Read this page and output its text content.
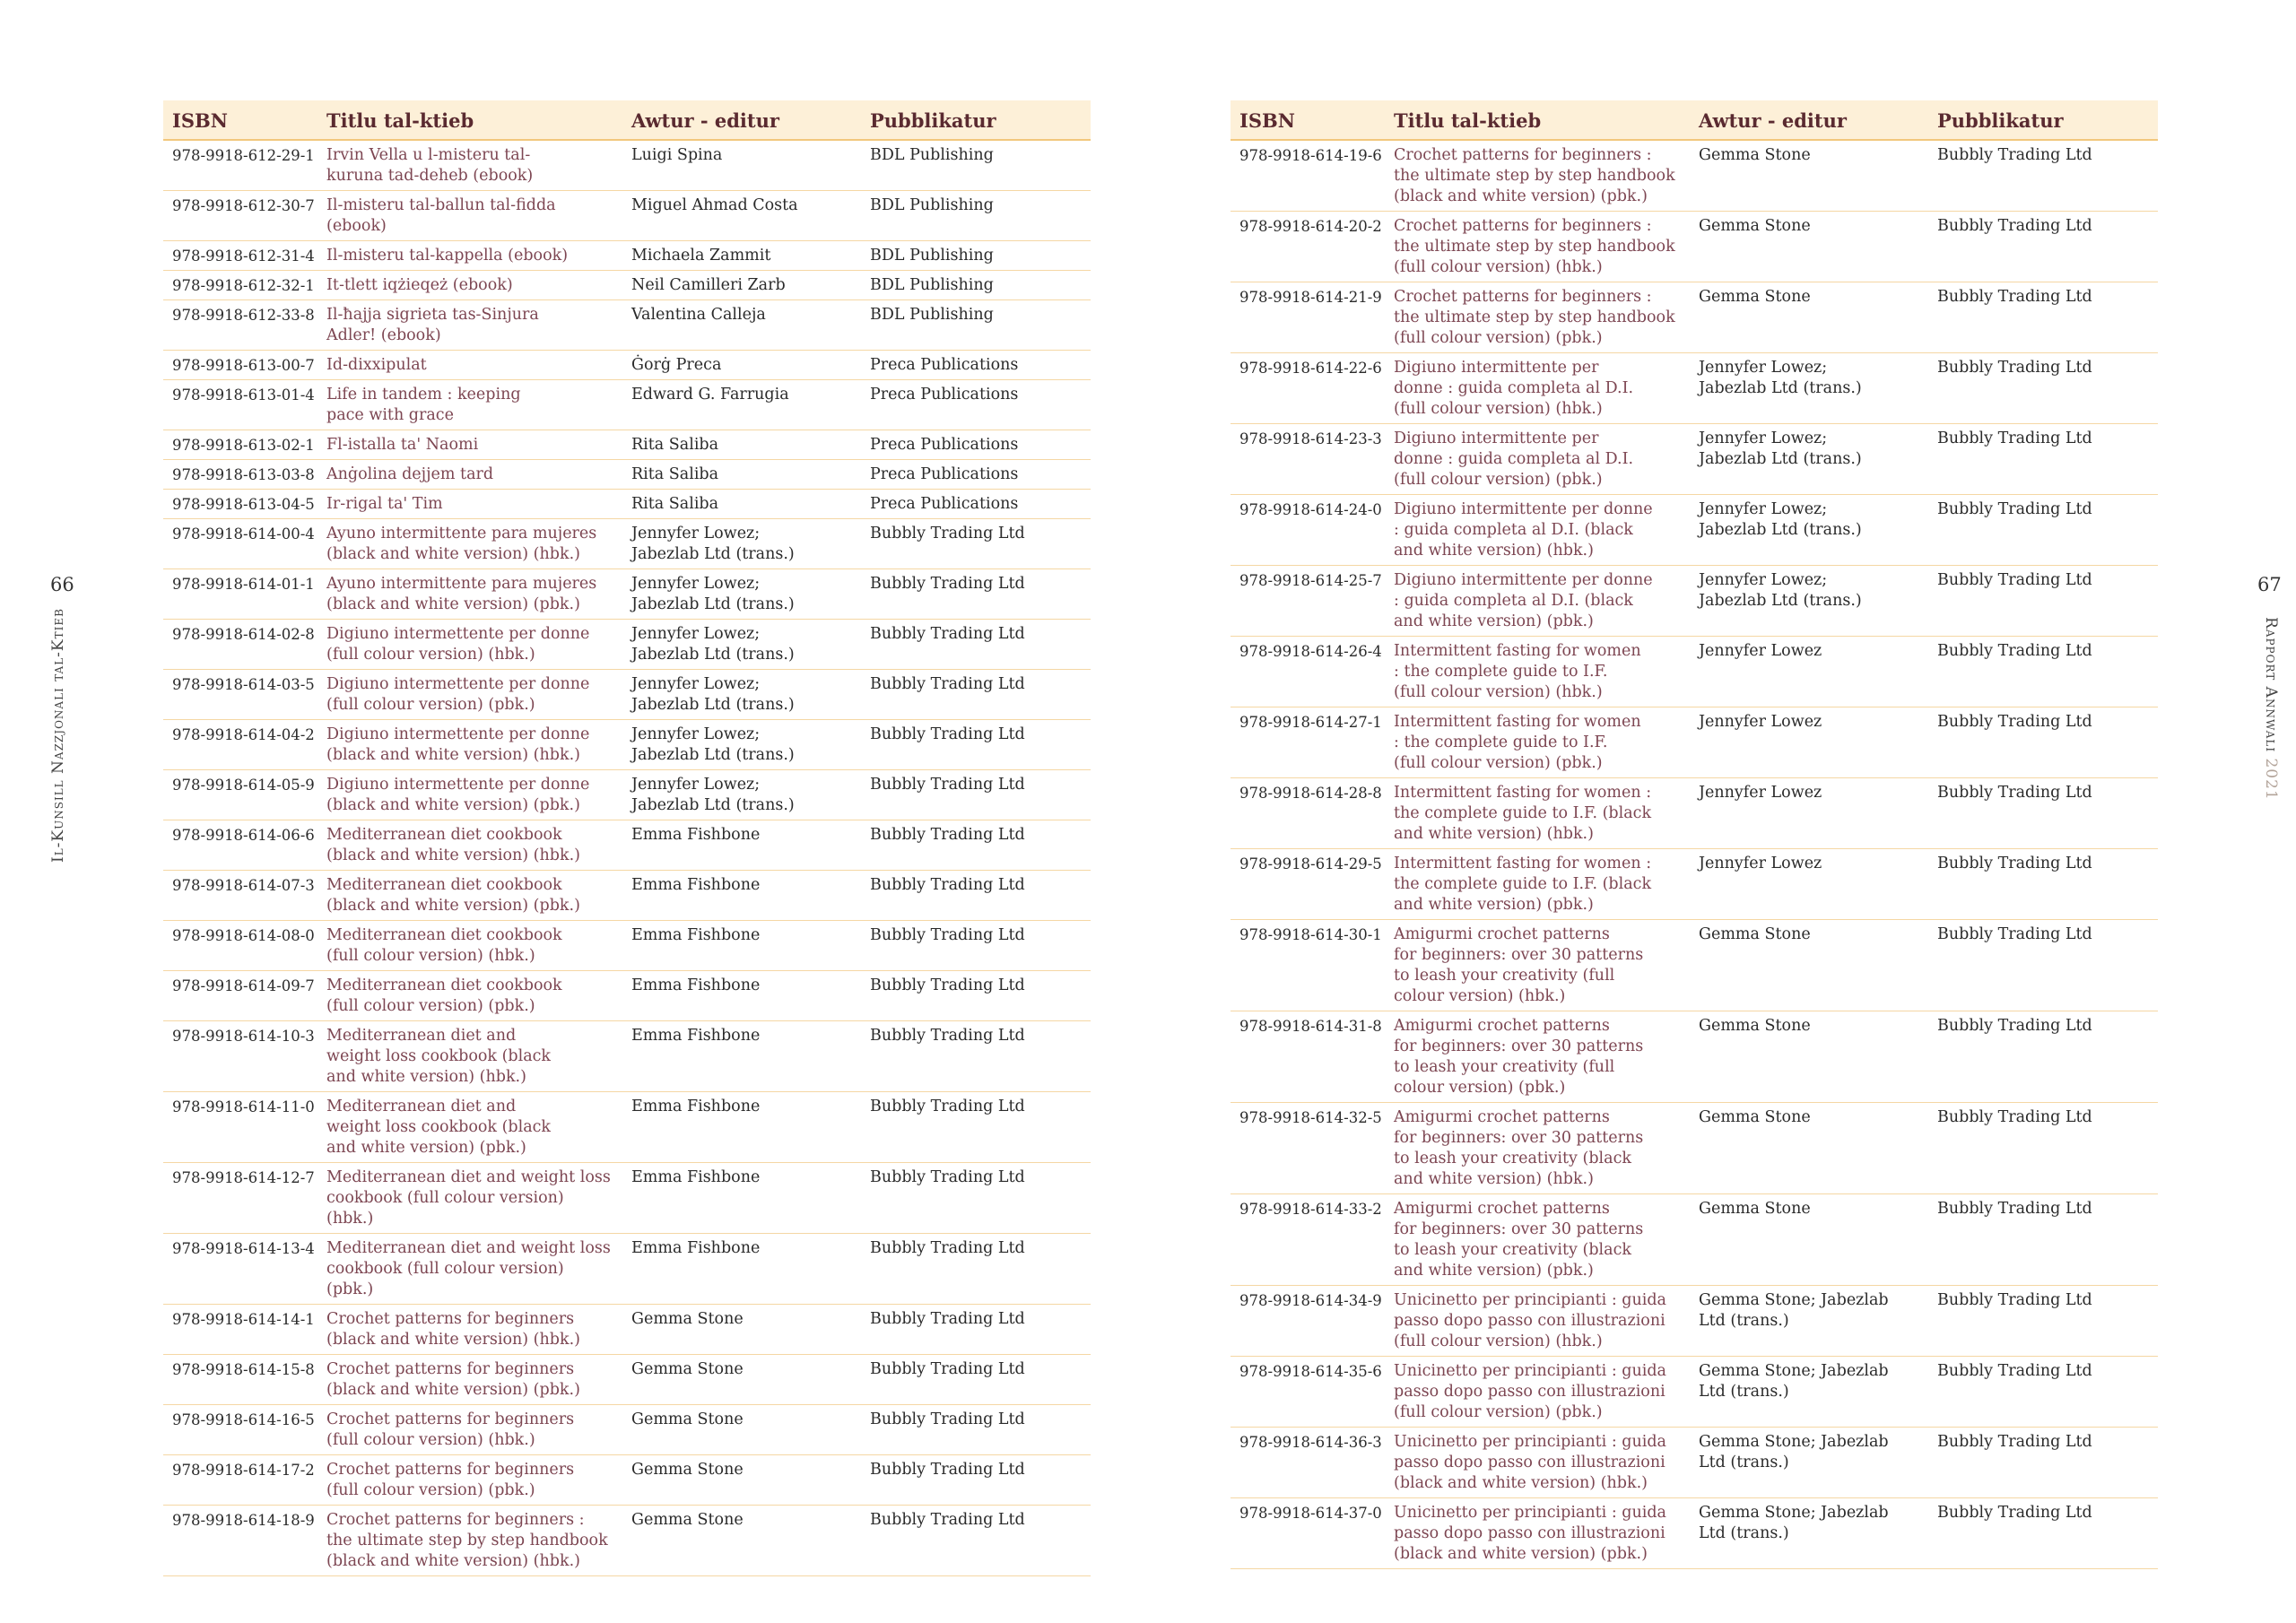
66
Il-Kunsill Nazzjonali tal-Ktieb
ISBN	Titlu tal-ktieb	Awtur - editur	Pubblikatur
978-9918-612-29-1	Irvin Vella u l-misteru tal-
kuruna tad-deheb (ebook)	Luigi Spina	BDL Publishing
978-9918-612-30-7	Il-misteru tal-ballun tal-fidda (ebook)	Miguel Ahmad Costa	BDL Publishing
978-9918-612-31-4	Il-misteru tal-kappella (ebook)	Michaela Zammit	BDL Publishing
978-9918-612-32-1	It-tlett iqżieqeż (ebook)	Neil Camilleri Zarb	BDL Publishing
978-9918-612-33-8	Il-ħajja sigrieta tas-Sinjura
Adler! (ebook)	Valentina Calleja	BDL Publishing
978-9918-613-00-7	Id-dixxipulat	Ġorġ Preca	Preca Publications
978-9918-613-01-4	Life in tandem : keeping
pace with grace	Edward G. Farrugia	Preca Publications
978-9918-613-02-1	Fl-istalla ta' Naomi	Rita Saliba	Preca Publications
978-9918-613-03-8	Anġolina dejjem tard	Rita Saliba	Preca Publications
978-9918-613-04-5	Ir-rigal ta' Tim	Rita Saliba	Preca Publications
978-9918-614-00-4	Ayuno intermittente para mujeres
(black and white version) (hbk.)	Jennyfer Lowez;
Jabezlab Ltd (trans.)	Bubbly Trading Ltd
978-9918-614-01-1	Ayuno intermittente para mujeres
(black and white version) (pbk.)	Jennyfer Lowez;
Jabezlab Ltd (trans.)	Bubbly Trading Ltd
978-9918-614-02-8	Digiuno intermettente per donne
(full colour version) (hbk.)	Jennyfer Lowez;
Jabezlab Ltd (trans.)	Bubbly Trading Ltd
978-9918-614-03-5	Digiuno intermettente per donne
(full colour version) (pbk.)	Jennyfer Lowez;
Jabezlab Ltd (trans.)	Bubbly Trading Ltd
978-9918-614-04-2	Digiuno intermettente per donne
(black and white version) (hbk.)	Jennyfer Lowez;
Jabezlab Ltd (trans.)	Bubbly Trading Ltd
978-9918-614-05-9	Digiuno intermettente per donne
(black and white version) (pbk.)	Jennyfer Lowez;
Jabezlab Ltd (trans.)	Bubbly Trading Ltd
978-9918-614-06-6	Mediterranean diet cookbook
(black and white version) (hbk.)	Emma Fishbone	Bubbly Trading Ltd
978-9918-614-07-3	Mediterranean diet cookbook
(black and white version) (pbk.)	Emma Fishbone	Bubbly Trading Ltd
978-9918-614-08-0	Mediterranean diet cookbook
(full colour version) (hbk.)	Emma Fishbone	Bubbly Trading Ltd
978-9918-614-09-7	Mediterranean diet cookbook
(full colour version) (pbk.)	Emma Fishbone	Bubbly Trading Ltd
978-9918-614-10-3	Mediterranean diet and
weight loss cookbook (black
and white version) (hbk.)	Emma Fishbone	Bubbly Trading Ltd
978-9918-614-11-0	Mediterranean diet and
weight loss cookbook (black
and white version) (pbk.)	Emma Fishbone	Bubbly Trading Ltd
978-9918-614-12-7	Mediterranean diet and weight loss
cookbook (full colour version) (hbk.)	Emma Fishbone	Bubbly Trading Ltd
978-9918-614-13-4	Mediterranean diet and weight loss
cookbook (full colour version) (pbk.)	Emma Fishbone	Bubbly Trading Ltd
978-9918-614-14-1	Crochet patterns for beginners
(black and white version) (hbk.)	Gemma Stone	Bubbly Trading Ltd
978-9918-614-15-8	Crochet patterns for beginners
(black and white version) (pbk.)	Gemma Stone	Bubbly Trading Ltd
978-9918-614-16-5	Crochet patterns for beginners
(full colour version) (hbk.)	Gemma Stone	Bubbly Trading Ltd
978-9918-614-17-2	Crochet patterns for beginners
(full colour version) (pbk.)	Gemma Stone	Bubbly Trading Ltd
978-9918-614-18-9	Crochet patterns for beginners :
the ultimate step by step handbook
(black and white version) (hbk.)	Gemma Stone	Bubbly Trading Ltd
67
Rapport Annwali 2021
ISBN	Titlu tal-ktieb	Awtur - editur	Pubblikatur
978-9918-614-19-6	Crochet patterns for beginners :
the ultimate step by step handbook
(black and white version) (pbk.)	Gemma Stone	Bubbly Trading Ltd
978-9918-614-20-2	Crochet patterns for beginners :
the ultimate step by step handbook
(full colour version) (hbk.)	Gemma Stone	Bubbly Trading Ltd
978-9918-614-21-9	Crochet patterns for beginners :
the ultimate step by step handbook
(full colour version) (pbk.)	Gemma Stone	Bubbly Trading Ltd
978-9918-614-22-6	Digiuno intermittente per
donne : guida completa al D.I.
(full colour version) (hbk.)	Jennyfer Lowez;
Jabezlab Ltd (trans.)	Bubbly Trading Ltd
978-9918-614-23-3	Digiuno intermittente per
donne : guida completa al D.I.
(full colour version) (pbk.)	Jennyfer Lowez;
Jabezlab Ltd (trans.)	Bubbly Trading Ltd
978-9918-614-24-0	Digiuno intermittente per donne
: guida completa al D.I. (black
and white version) (hbk.)	Jennyfer Lowez;
Jabezlab Ltd (trans.)	Bubbly Trading Ltd
978-9918-614-25-7	Digiuno intermittente per donne
: guida completa al D.I. (black
and white version) (pbk.)	Jennyfer Lowez;
Jabezlab Ltd (trans.)	Bubbly Trading Ltd
978-9918-614-26-4	Intermittent fasting for women
: the complete guide to I.F.
(full colour version) (hbk.)	Jennyfer Lowez	Bubbly Trading Ltd
978-9918-614-27-1	Intermittent fasting for women
: the complete guide to I.F.
(full colour version) (pbk.)	Jennyfer Lowez	Bubbly Trading Ltd
978-9918-614-28-8	Intermittent fasting for women :
the complete guide to I.F. (black
and white version) (hbk.)	Jennyfer Lowez	Bubbly Trading Ltd
978-9918-614-29-5	Intermittent fasting for women :
the complete guide to I.F. (black
and white version) (pbk.)	Jennyfer Lowez	Bubbly Trading Ltd
978-9918-614-30-1	Amigurmi crochet patterns
for beginners: over 30 patterns
to leash your creativity (full
colour version) (hbk.)	Gemma Stone	Bubbly Trading Ltd
978-9918-614-31-8	Amigurmi crochet patterns
for beginners: over 30 patterns
to leash your creativity (full
colour version) (pbk.)	Gemma Stone	Bubbly Trading Ltd
978-9918-614-32-5	Amigurmi crochet patterns
for beginners: over 30 patterns
to leash your creativity (black
and white version) (hbk.)	Gemma Stone	Bubbly Trading Ltd
978-9918-614-33-2	Amigurmi crochet patterns
for beginners: over 30 patterns
to leash your creativity (black
and white version) (pbk.)	Gemma Stone	Bubbly Trading Ltd
978-9918-614-34-9	Unicinetto per principianti : guida
passo dopo passo con illustrazioni
(full colour version) (hbk.)	Gemma Stone; Jabezlab
Ltd (trans.)	Bubbly Trading Ltd
978-9918-614-35-6	Unicinetto per principianti : guida
passo dopo passo con illustrazioni
(full colour version) (pbk.)	Gemma Stone; Jabezlab
Ltd (trans.)	Bubbly Trading Ltd
978-9918-614-36-3	Unicinetto per principianti : guida
passo dopo passo con illustrazioni
(black and white version) (hbk.)	Gemma Stone; Jabezlab
Ltd (trans.)	Bubbly Trading Ltd
978-9918-614-37-0	Unicinetto per principianti : guida
passo dopo passo con illustrazioni
(black and white version) (pbk.)	Gemma Stone; Jabezlab
Ltd (trans.)	Bubbly Trading Ltd
